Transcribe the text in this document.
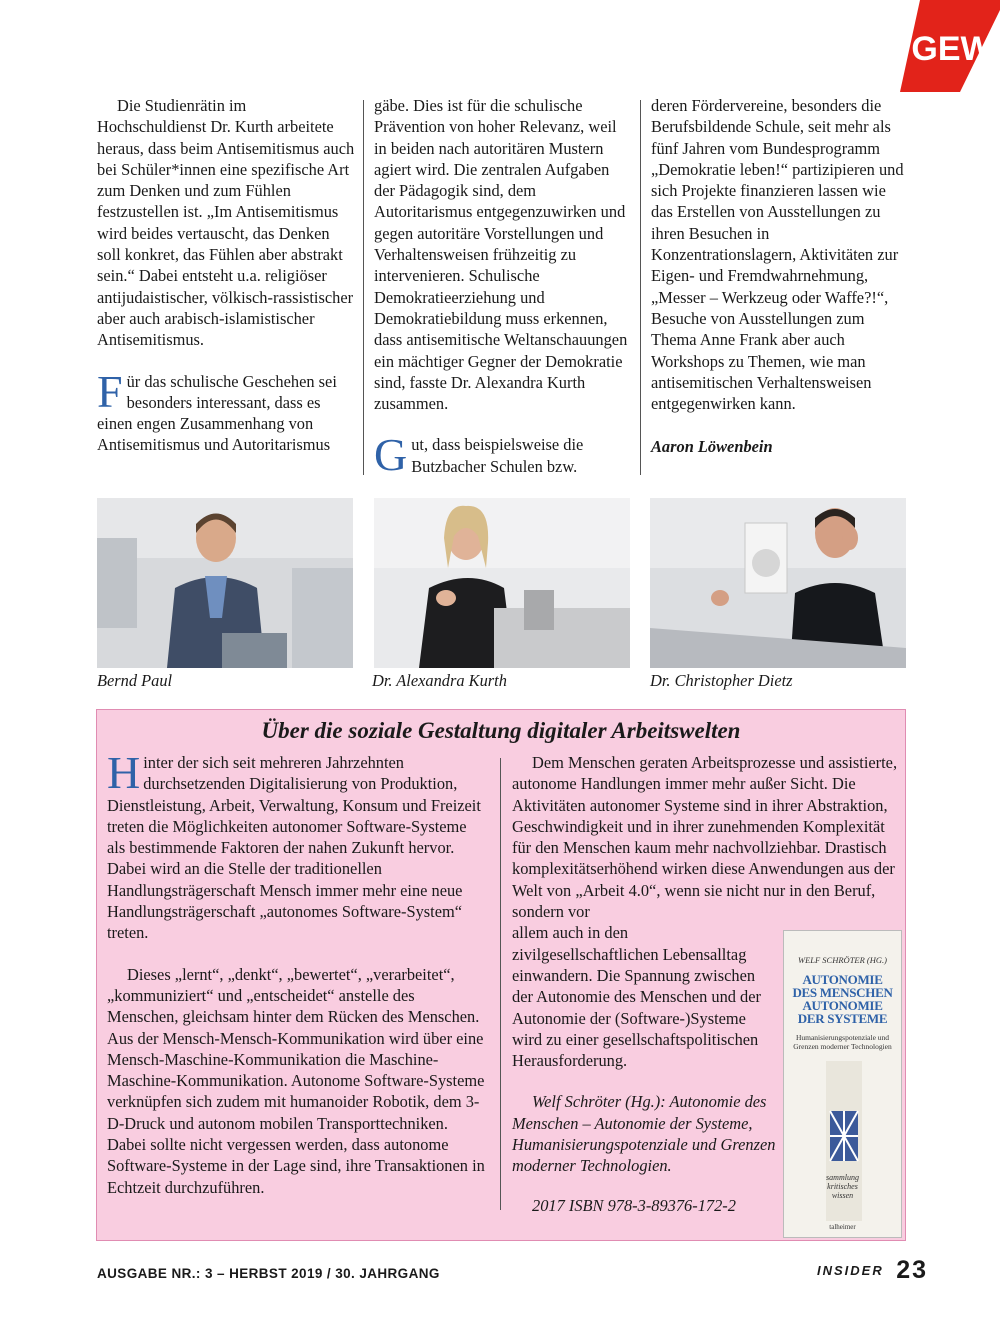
GEW

Die Studienrätin im Hochschuldienst Dr. Kurth arbeitete heraus, dass beim Antisemitismus auch bei Schüler*innen eine spezifische Art zum Denken und zum Fühlen festzustellen ist. „Im Antisemitismus wird beides vertauscht, das Denken soll konkret, das Fühlen aber abstrakt sein.“ Dabei entsteht u.a. religiöser antijudaistischer, völkisch-rassistischer aber auch arabisch-islamistischer Antisemitismus.

Für das schulische Geschehen sei besonders interessant, dass es einen engen Zusammenhang von Antisemitismus und Autoritarismus

gäbe. Dies ist für die schulische Prävention von hoher Relevanz, weil in beiden nach autoritären Mustern agiert wird. Die zentralen Aufgaben der Pädagogik sind, dem Autoritarismus entgegenzuwirken und gegen autoritäre Vorstellungen und Verhaltensweisen frühzeitig zu intervenieren. Schulische Demokratieerziehung und Demokratiebildung muss erkennen, dass antisemitische Weltanschauungen ein mächtiger Gegner der Demokratie sind, fasste Dr. Alexandra Kurth zusammen.

Gut, dass beispielsweise die Butzbacher Schulen bzw.

deren Fördervereine, besonders die Berufsbildende Schule, seit mehr als fünf Jahren vom Bundesprogramm „Demokratie leben!“ partizipieren und sich Projekte finanzieren lassen wie das Erstellen von Ausstellungen zu ihren Besuchen in Konzentrationslagern, Aktivitäten zur Eigen- und Fremdwahrnehmung, „Messer – Werkzeug oder Waffe?!“, Besuche von Ausstellungen zum Thema Anne Frank aber auch Workshops zu Themen, wie man antisemitischen Verhaltensweisen entgegenwirken kann.

Aaron Löwenbein

Bernd Paul	Dr. Alexandra Kurth	Dr. Christopher Dietz
Über die soziale Gestaltung digitaler Arbeitswelten

Hinter der sich seit mehreren Jahrzehnten durchsetzenden Digitalisierung von Produktion, Dienstleistung, Arbeit, Verwaltung, Konsum und Freizeit treten die Möglichkeiten autonomer Software-Systeme als bestimmende Faktoren der nahen Zukunft hervor. Dabei wird an die Stelle der traditionellen Handlungsträgerschaft Mensch immer mehr eine neue Handlungsträgerschaft „autonomes Software-System“ treten.

Dieses „lernt“, „denkt“, „bewertet“, „verarbeitet“, „kommuniziert“ und „entscheidet“ anstelle des Menschen, gleichsam hinter dem Rücken des Menschen. Aus der Mensch-Mensch-Kommunikation wird über eine Mensch-Maschine-Kommunikation die Maschine-Maschine-Kommunikation. Autonome Software-Systeme verknüpfen sich zudem mit humanoider Robotik, dem 3-D-Druck und autonom mobilen Transporttechniken. Dabei sollte nicht vergessen werden, dass autonome Software-Systeme in der Lage sind, ihre Transaktionen in Echtzeit durchzuführen.

Dem Menschen geraten Arbeitsprozesse und assistierte, autonome Handlungen immer mehr außer Sicht. Die Aktivitäten autonomer Systeme sind in ihrer Abstraktion, Geschwindigkeit und in ihrer zunehmenden Komplexität für den Menschen kaum mehr nachvollziehbar. Drastisch komplexitätserhöhend wirken diese Anwendungen aus der Welt von „Arbeit 4.0“, wenn sie nicht nur in den Beruf, sondern vor

allem auch in den zivilgesellschaftlichen Lebensalltag einwandern. Die Spannung zwischen der Autonomie des Menschen und der Autonomie der (Software-)Systeme wird zu einer gesellschaftspolitischen Herausforderung.

Welf Schröter (Hg.): Autonomie des Menschen – Autonomie der Systeme, Humanisierungspotenziale und Grenzen moderner Technologien.

2017 ISBN 978-3-89376-172-2

WELF SCHRÖTER (HG.)
AUTONOMIE
DES MENSCHEN
AUTONOMIE
DER SYSTEME
Humanisierungspotenziale und Grenzen moderner Technologien
sammlung
kritisches
wissen
talheimer
AUSGABE NR.: 3 – HERBST 2019 / 30. JAHRGANG	INSIDER 23
